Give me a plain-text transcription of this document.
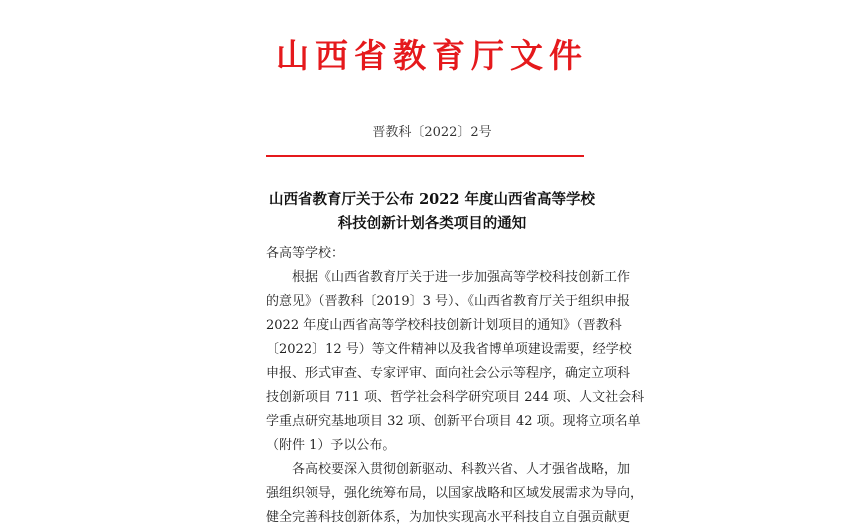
山西省教育厅文件
晋教科〔2022〕2号
山西省教育厅关于公布 2022 年度山西省高等学校
科技创新计划各类项目的通知
各高等学校：
根据《山西省教育厅关于进一步加强高等学校科技创新工作
的意见》（晋教科〔2019〕3 号）、《山西省教育厅关于组织申报
2022 年度山西省高等学校科技创新计划项目的通知》（晋教科
〔2022〕12 号）等文件精神以及我省博单项建设需要，经学校
申报、形式审查、专家评审、面向社会公示等程序，确定立项科
技创新项目 711 项、哲学社会科学研究项目 244 项、人文社会科
学重点研究基地项目 32 项、创新平台项目 42 项。现将立项名单
（附件 1）予以公布。
各高校要深入贯彻创新驱动、科教兴省、人才强省战略，加
强组织领导，强化统筹布局，以国家战略和区域发展需求为导向，
健全完善科技创新体系，为加快实现高水平科技自立自强贡献更
